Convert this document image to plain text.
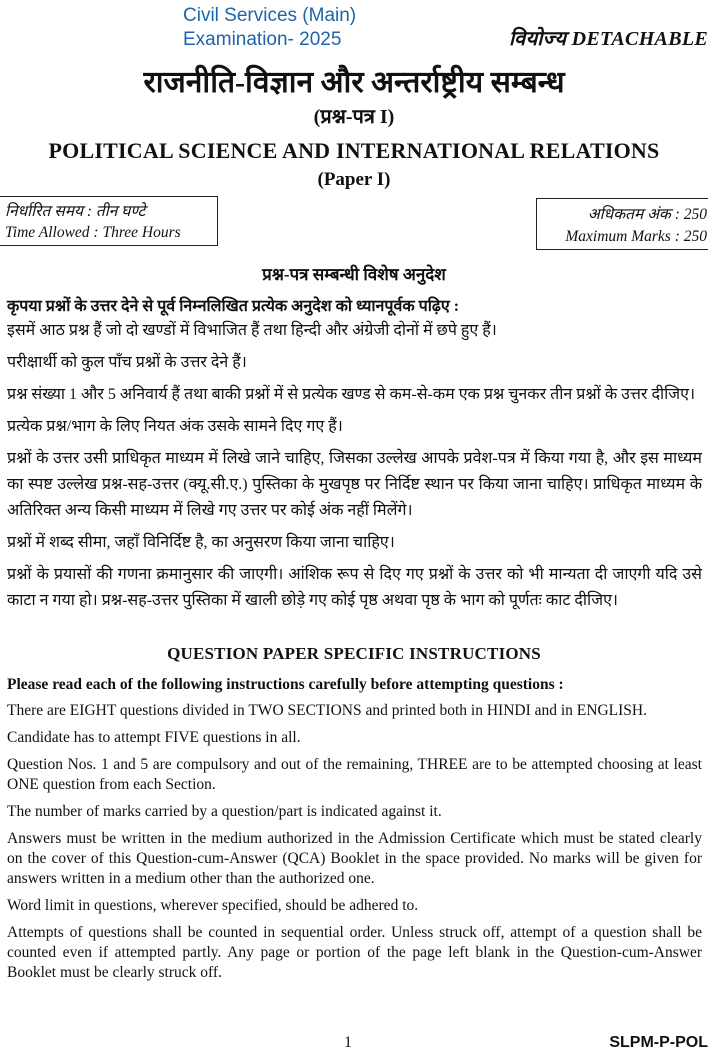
Civil Services (Main)
Examination- 2025	वियोज्य DETACHABLE
राजनीति-विज्ञान और अन्तर्राष्ट्रीय सम्बन्ध
(प्रश्न-पत्र I)
POLITICAL SCIENCE AND INTERNATIONAL RELATIONS
(Paper I)
निर्धारित समय : तीन घण्टे
Time Allowed : Three Hours
अधिकतम अंक : 250
Maximum Marks : 250
प्रश्न-पत्र सम्बन्धी विशेष अनुदेश
कृपया प्रश्नों के उत्तर देने से पूर्व निम्नलिखित प्रत्येक अनुदेश को ध्यानपूर्वक पढ़िए :

इसमें आठ प्रश्न हैं जो दो खण्डों में विभाजित हैं तथा हिन्दी और अंग्रेजी दोनों में छपे हुए हैं।

परीक्षार्थी को कुल पाँच प्रश्नों के उत्तर देने हैं।

प्रश्न संख्या 1 और 5 अनिवार्य हैं तथा बाकी प्रश्नों में से प्रत्येक खण्ड से कम-से-कम एक प्रश्न चुनकर तीन प्रश्नों के उत्तर दीजिए।

प्रत्येक प्रश्न/भाग के लिए नियत अंक उसके सामने दिए गए हैं।

प्रश्नों के उत्तर उसी प्राधिकृत माध्यम में लिखे जाने चाहिए, जिसका उल्लेख आपके प्रवेश-पत्र में किया गया है, और इस माध्यम का स्पष्ट उल्लेख प्रश्न-सह-उत्तर (क्यू.सी.ए.) पुस्तिका के मुखपृष्ठ पर निर्दिष्ट स्थान पर किया जाना चाहिए। प्राधिकृत माध्यम के अतिरिक्त अन्य किसी माध्यम में लिखे गए उत्तर पर कोई अंक नहीं मिलेंगे।

प्रश्नों में शब्द सीमा, जहाँ विनिर्दिष्ट है, का अनुसरण किया जाना चाहिए।

प्रश्नों के प्रयासों की गणना क्रमानुसार की जाएगी। आंशिक रूप से दिए गए प्रश्नों के उत्तर को भी मान्यता दी जाएगी यदि उसे काटा न गया हो। प्रश्न-सह-उत्तर पुस्तिका में खाली छोड़े गए कोई पृष्ठ अथवा पृष्ठ के भाग को पूर्णतः काट दीजिए।

QUESTION PAPER SPECIFIC INSTRUCTIONS
Please read each of the following instructions carefully before attempting questions :

There are EIGHT questions divided in TWO SECTIONS and printed both in HINDI and in ENGLISH.

Candidate has to attempt FIVE questions in all.

Question Nos. 1 and 5 are compulsory and out of the remaining, THREE are to be attempted choosing at least ONE question from each Section.

The number of marks carried by a question/part is indicated against it.

Answers must be written in the medium authorized in the Admission Certificate which must be stated clearly on the cover of this Question-cum-Answer (QCA) Booklet in the space provided. No marks will be given for answers written in a medium other than the authorized one.

Word limit in questions, wherever specified, should be adhered to.

Attempts of questions shall be counted in sequential order. Unless struck off, attempt of a question shall be counted even if attempted partly. Any page or portion of the page left blank in the Question-cum-Answer Booklet must be clearly struck off.

1	SLPM-P-POL
